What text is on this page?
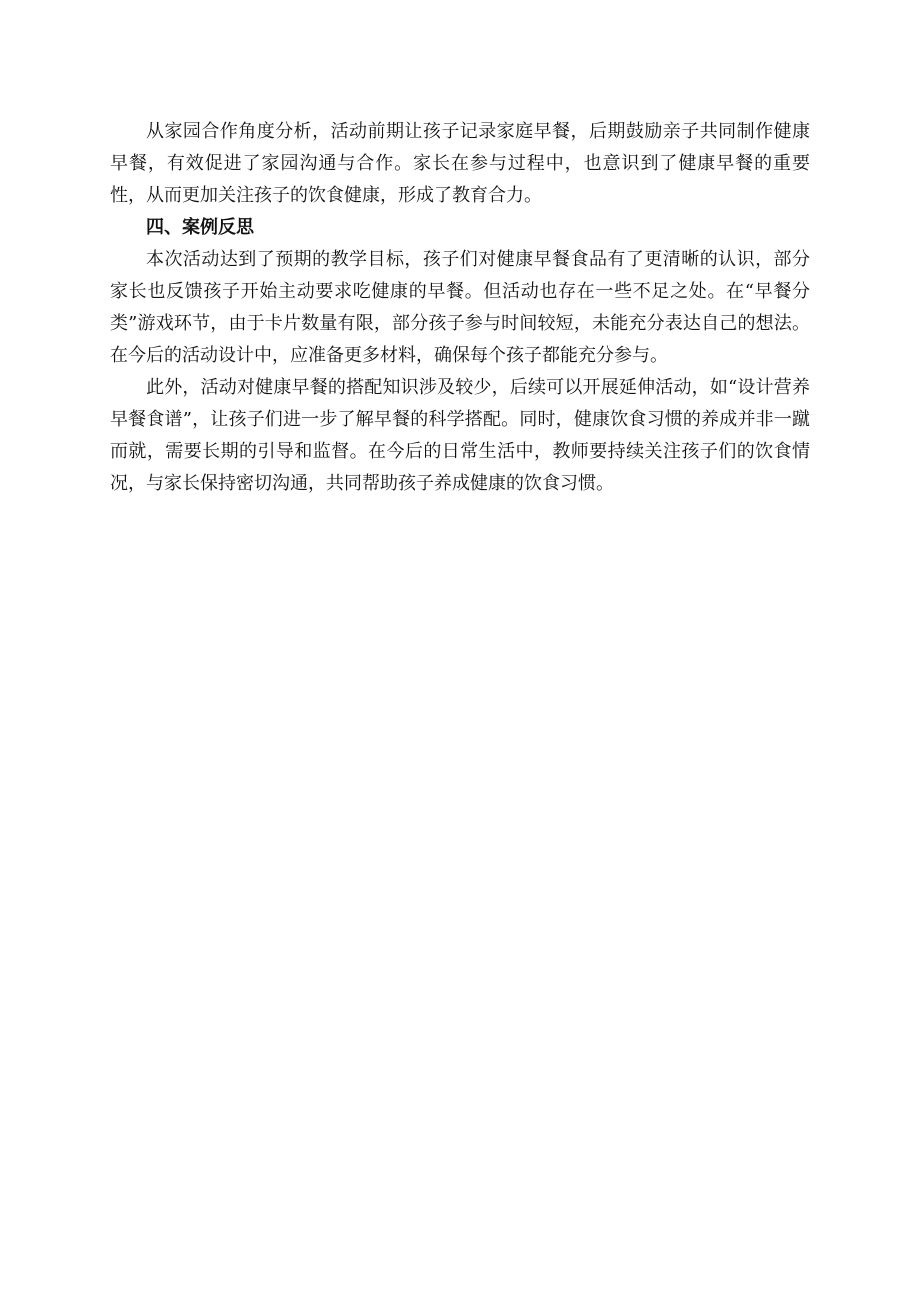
从家园合作角度分析，活动前期让孩子记录家庭早餐，后期鼓励亲子共同制作健康早餐，有效促进了家园沟通与合作。家长在参与过程中，也意识到了健康早餐的重要性，从而更加关注孩子的饮食健康，形成了教育合力。

四、案例反思

本次活动达到了预期的教学目标，孩子们对健康早餐食品有了更清晰的认识，部分家长也反馈孩子开始主动要求吃健康的早餐。但活动也存在一些不足之处。在“早餐分类”游戏环节，由于卡片数量有限，部分孩子参与时间较短，未能充分表达自己的想法。在今后的活动设计中，应准备更多材料，确保每个孩子都能充分参与。

此外，活动对健康早餐的搭配知识涉及较少，后续可以开展延伸活动，如“设计营养早餐食谱”，让孩子们进一步了解早餐的科学搭配。同时，健康饮食习惯的养成并非一蹴而就，需要长期的引导和监督。在今后的日常生活中，教师要持续关注孩子们的饮食情况，与家长保持密切沟通，共同帮助孩子养成健康的饮食习惯。
